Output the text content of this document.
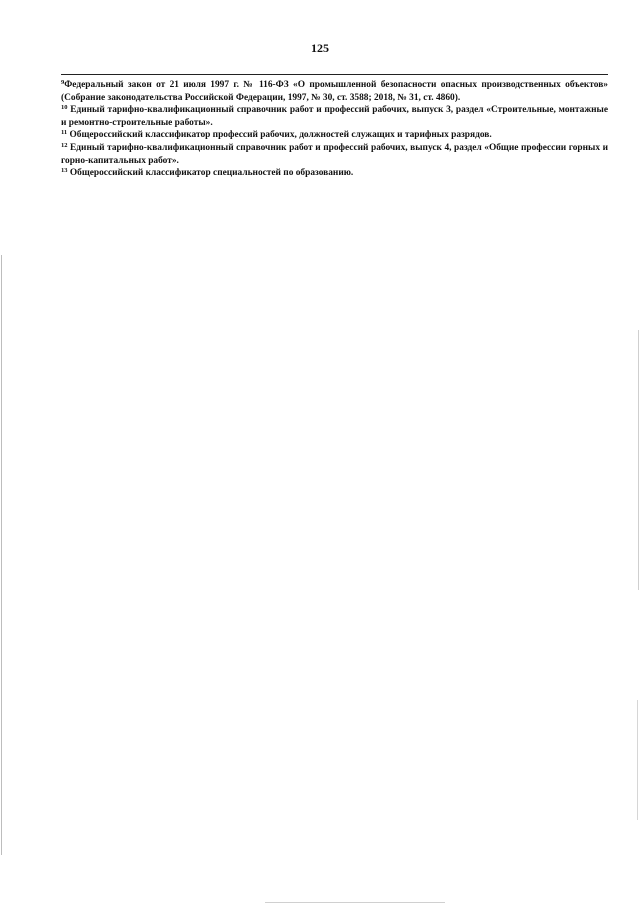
125

$^9$Федеральный закон от 21 июля 1997 г. № 116-ФЗ «О промышленной безопасности опасных производственных объектов» (Собрание законодательства Российской Федерации, 1997, № 30, ст. 3588; 2018, № 31, ст. 4860).

$^{10}$ Единый тарифно-квалификационный справочник работ и профессий рабочих, выпуск 3, раздел «Строительные, монтажные и ремонтно-строительные работы».

$^{11}$ Общероссийский классификатор профессий рабочих, должностей служащих и тарифных разрядов.

$^{12}$ Единый тарифно-квалификационный справочник работ и профессий рабочих, выпуск 4, раздел «Общие профессии горных и горно-капитальных работ».

$^{13}$ Общероссийский классификатор специальностей по образованию.
